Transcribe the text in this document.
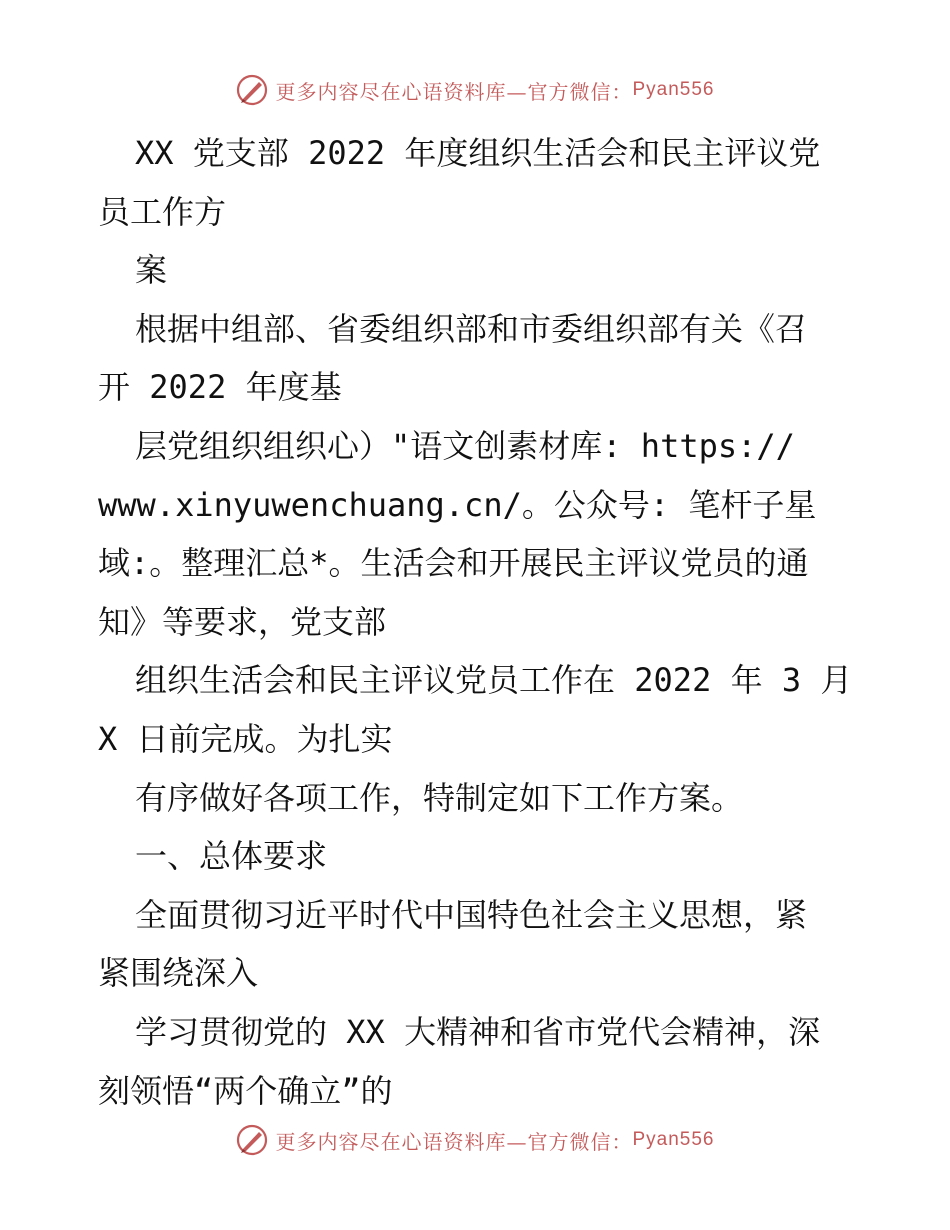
更多内容尽在心语资料库—官方微信： Pyan556
XX 党支部 2022 年度组织生活会和民主评议党
员工作方
案
根据中组部、省委组织部和市委组织部有关《召
开 2022 年度基
层党组织组织心）"语文创素材库: https://
www.xinyuwenchuang.cn/。公众号: 笔杆子星
域:。整理汇总*。生活会和开展民主评议党员的通
知》等要求，党支部
组织生活会和民主评议党员工作在 2022 年 3 月
X 日前完成。为扎实
有序做好各项工作，特制定如下工作方案。
一、总体要求
全面贯彻习近平时代中国特色社会主义思想，紧
紧围绕深入
学习贯彻党的 XX 大精神和省市党代会精神，深
刻领悟“两个确立”的
更多内容尽在心语资料库—官方微信： Pyan556
